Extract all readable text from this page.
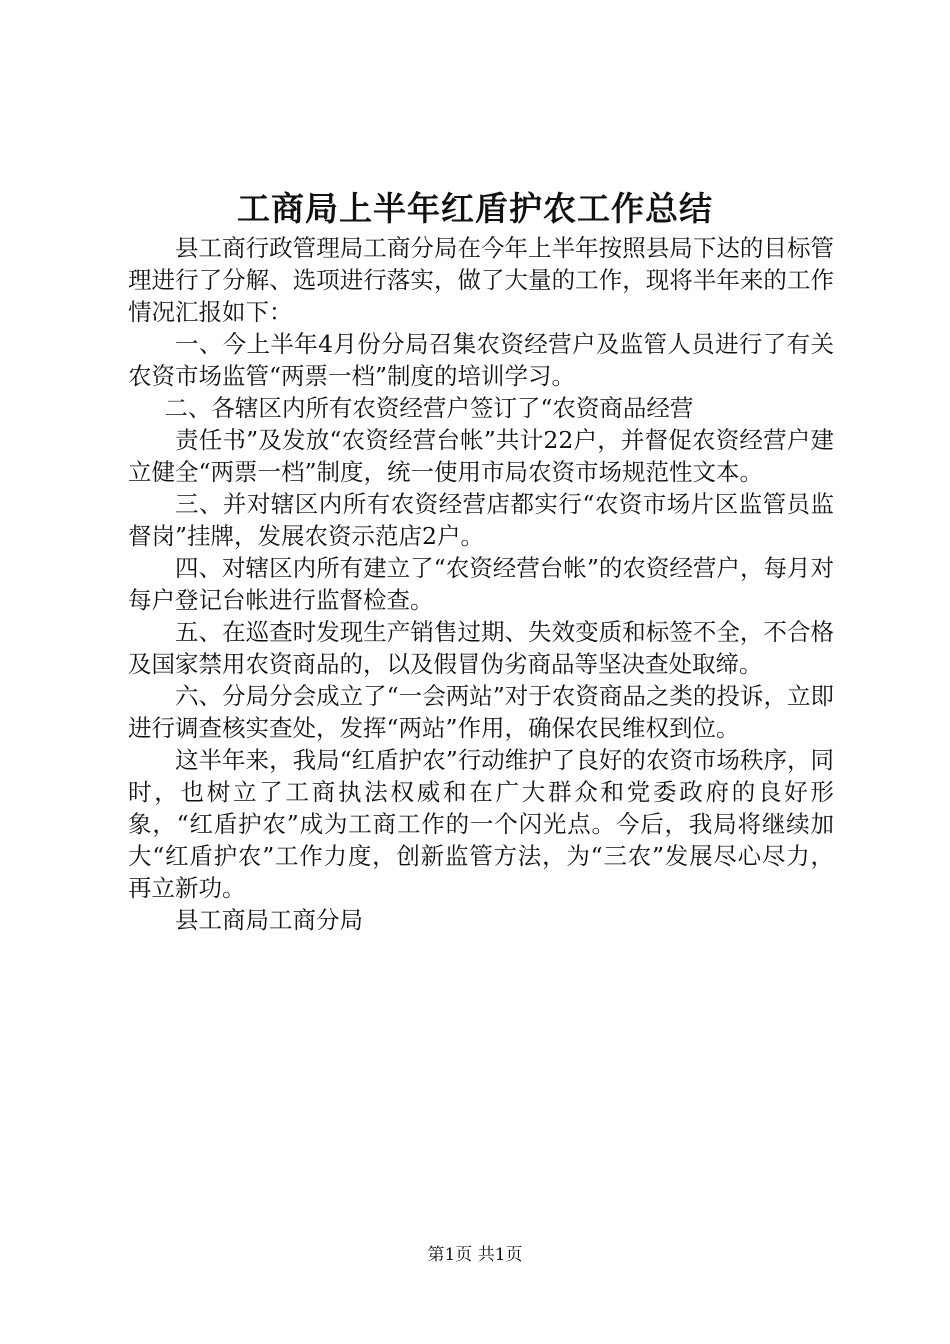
工商局上半年红盾护农工作总结

县工商行政管理局工商分局在今年上半年按照县局下达的目标管理进行了分解、选项进行落实，做了大量的工作，现将半年来的工作情况汇报如下：

一、今上半年4月份分局召集农资经营户及监管人员进行了有关农资市场监管“两票一档”制度的培训学习。

二、各辖区内所有农资经营户签订了“农资商品经营

责任书”及发放“农资经营台帐”共计22户，并督促农资经营户建立健全“两票一档”制度，统一使用市局农资市场规范性文本。

三、并对辖区内所有农资经营店都实行“农资市场片区监管员监督岗”挂牌，发展农资示范店2户。

四、对辖区内所有建立了“农资经营台帐”的农资经营户，每月对每户登记台帐进行监督检查。

五、在巡查时发现生产销售过期、失效变质和标签不全，不合格及国家禁用农资商品的，以及假冒伪劣商品等坚决查处取缔。

六、分局分会成立了“一会两站”对于农资商品之类的投诉，立即进行调查核实查处，发挥“两站”作用，确保农民维权到位。

这半年来，我局“红盾护农”行动维护了良好的农资市场秩序，同时，也树立了工商执法权威和在广大群众和党委政府的良好形象，“红盾护农”成为工商工作的一个闪光点。今后，我局将继续加大“红盾护农”工作力度，创新监管方法，为“三农”发展尽心尽力，再立新功。

县工商局工商分局

第1页 共1页
